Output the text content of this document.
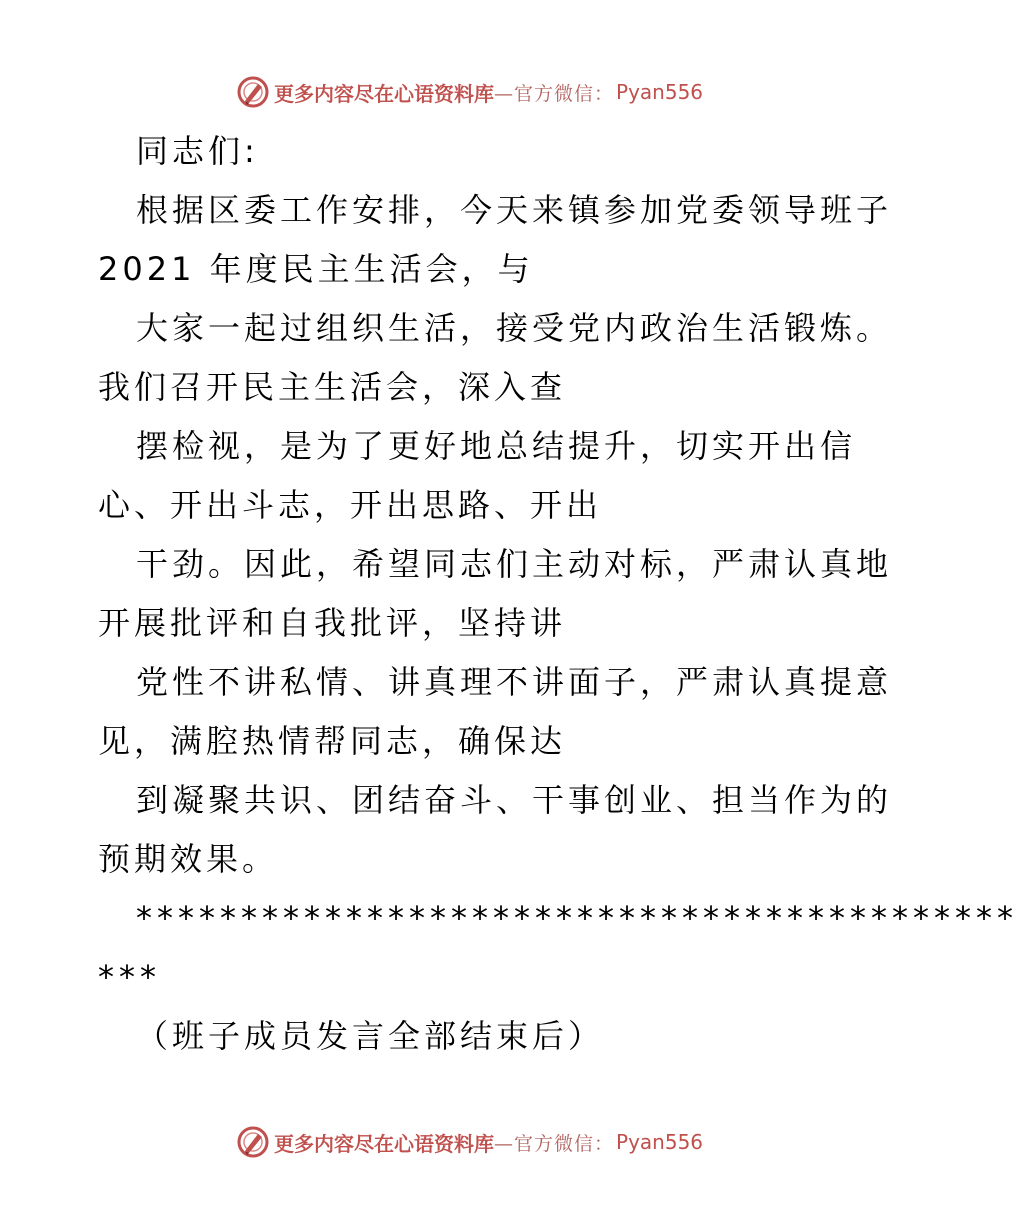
更多内容尽在心语资料库 —官方微信： Pyan556
同志们:
根据区委工作安排，今天来镇参加党委领导班子
2021 年度民主生活会，与
大家一起过组织生活，接受党内政治生活锻炼。
我们召开民主生活会，深入查
摆检视，是为了更好地总结提升，切实开出信
心、开出斗志，开出思路、开出
干劲。因此，希望同志们主动对标，严肃认真地
开展批评和自我批评，坚持讲
党性不讲私情、讲真理不讲面子，严肃认真提意
见，满腔热情帮同志，确保达
到凝聚共识、团结奋斗、干事创业、担当作为的
预期效果。
******************************************
***
（班子成员发言全部结束后）
更多内容尽在心语资料库 —官方微信： Pyan556
